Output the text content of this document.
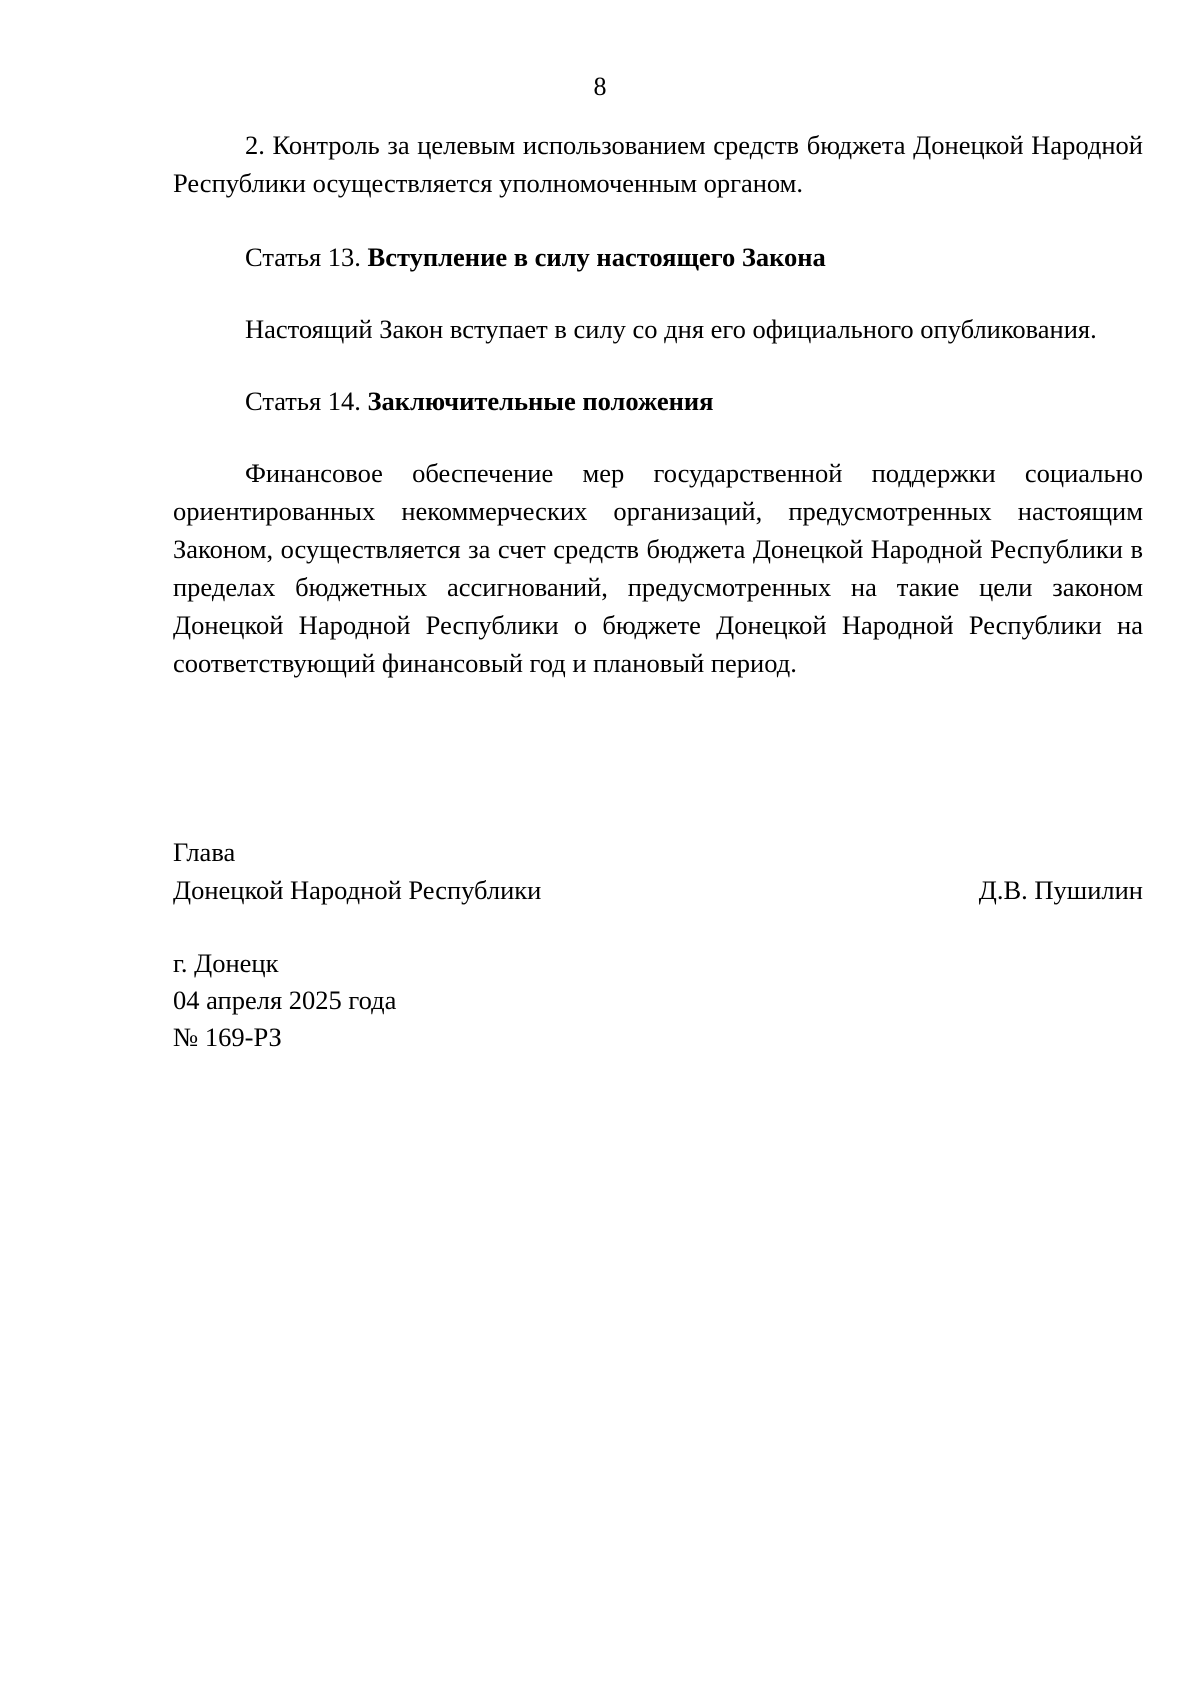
8

2. Контроль за целевым использованием средств бюджета Донецкой Народной Республики осуществляется уполномоченным органом.

Статья 13. Вступление в силу настоящего Закона

Настоящий Закон вступает в силу со дня его официального опубликования.

Статья 14. Заключительные положения

Финансовое обеспечение мер государственной поддержки социально ориентированных некоммерческих организаций, предусмотренных настоящим Законом, осуществляется за счет средств бюджета Донецкой Народной Республики в пределах бюджетных ассигнований, предусмотренных на такие цели законом Донецкой Народной Республики о бюджете Донецкой Народной Республики на соответствующий финансовый год и плановый период.

Глава
Донецкой Народной Республики	Д.В. Пушилин
г. Донецк
04 апреля 2025 года
№ 169-РЗ
